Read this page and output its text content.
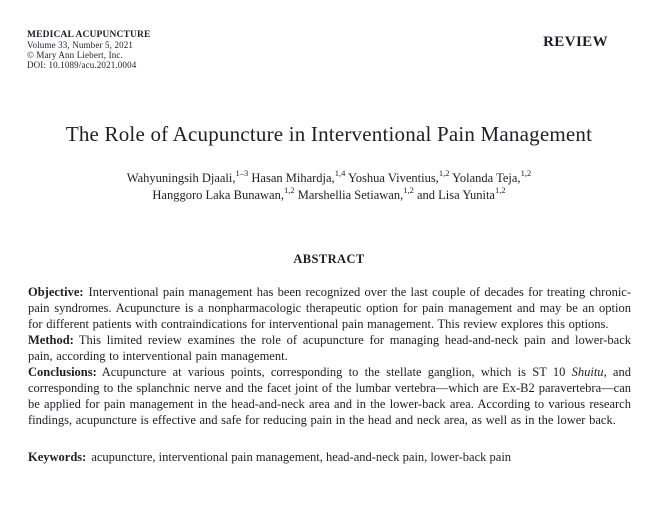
MEDICAL ACUPUNCTURE
Volume 33, Number 5, 2021
© Mary Ann Liebert, Inc.
DOI: 10.1089/acu.2021.0004
REVIEW
The Role of Acupuncture in Interventional Pain Management
Wahyuningsih Djaali,$^{1-3}$ Hasan Mihardja,$^{1,4}$ Yoshua Viventius,$^{1,2}$ Yolanda Teja,$^{1,2}$
Hanggoro Laka Bunawan,$^{1,2}$ Marshellia Setiawan,$^{1,2}$ and Lisa Yunita$^{1,2}$
ABSTRACT
Objective: Interventional pain management has been recognized over the last couple of decades for treating chronic-pain syndromes. Acupuncture is a nonpharmacologic therapeutic option for pain management and may be an option for different patients with contraindications for interventional pain management. This review explores this options.
Method: This limited review examines the role of acupuncture for managing head-and-neck pain and lower-back pain, according to interventional pain management.
Conclusions: Acupuncture at various points, corresponding to the stellate ganglion, which is ST 10 Shuitu, and corresponding to the splanchnic nerve and the facet joint of the lumbar vertebra—which are Ex-B2 paravertebra—can be applied for pain management in the head-and-neck area and in the lower-back area. According to various research findings, acupuncture is effective and safe for reducing pain in the head and neck area, as well as in the lower back.
Keywords: acupuncture, interventional pain management, head-and-neck pain, lower-back pain
